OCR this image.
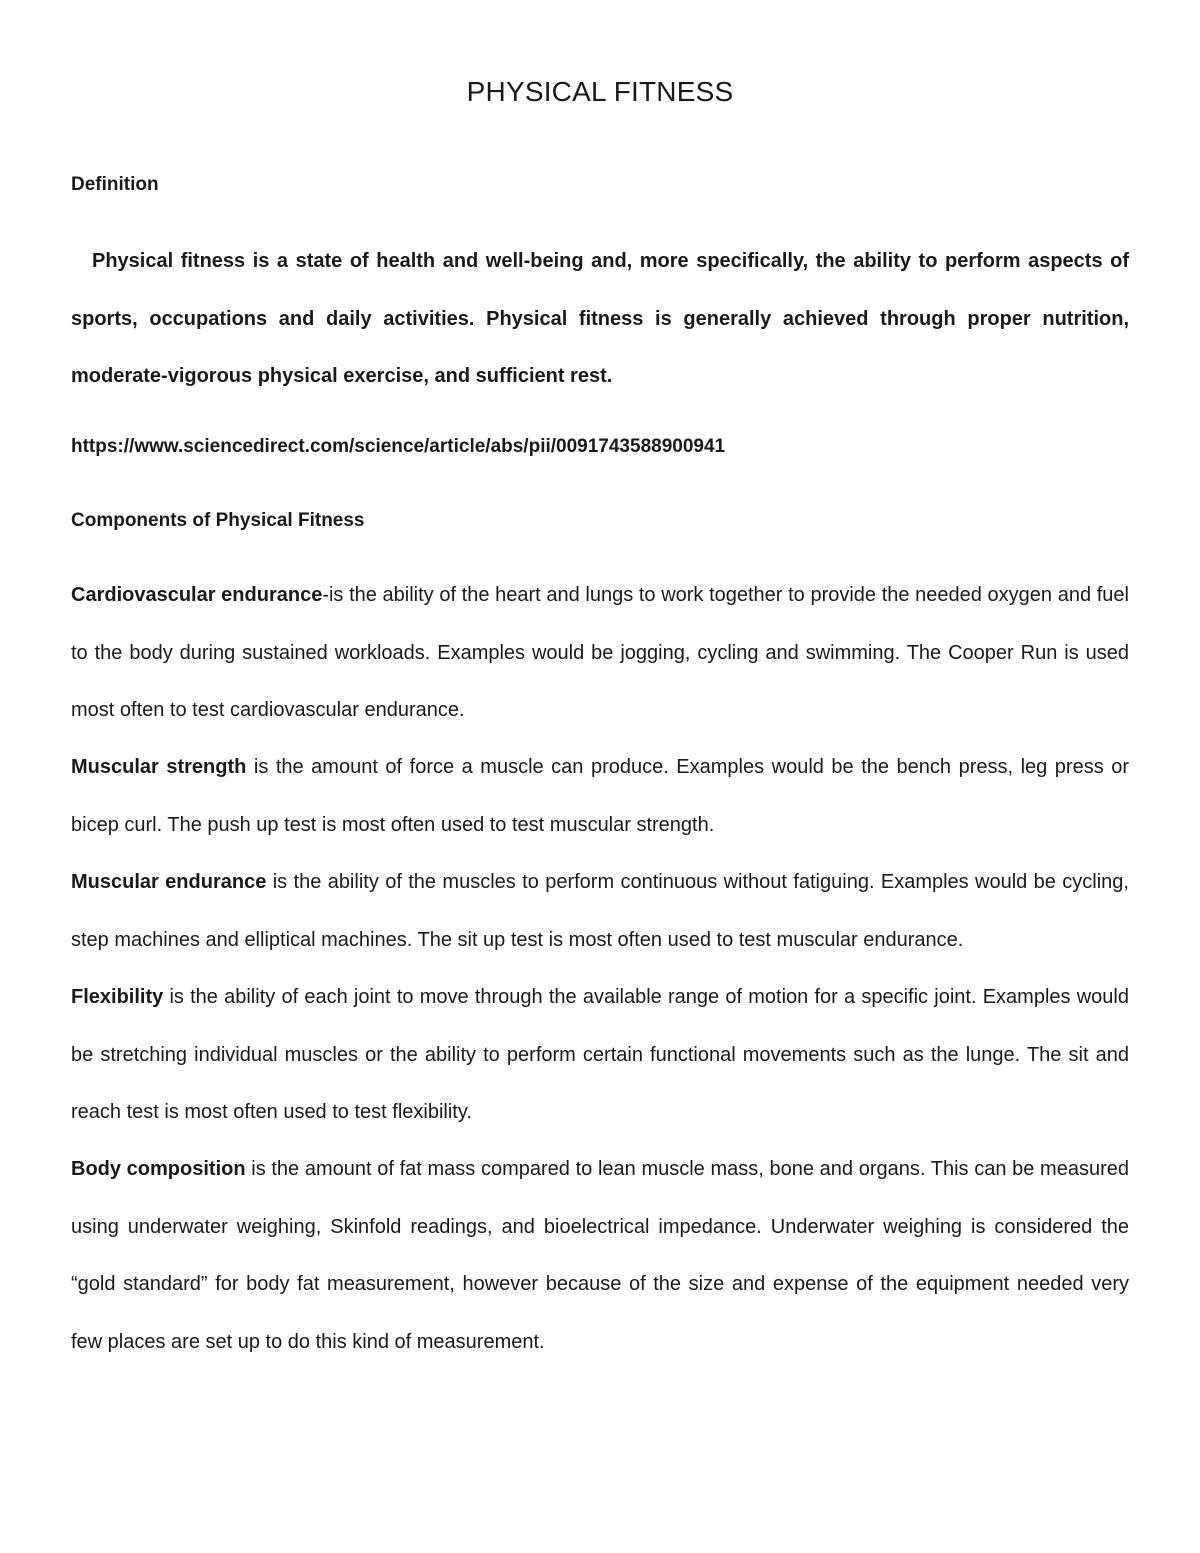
PHYSICAL FITNESS
Definition

Physical fitness is a state of health and well-being and, more specifically, the ability to perform aspects of sports, occupations and daily activities. Physical fitness is generally achieved through proper nutrition, moderate-vigorous physical exercise, and sufficient rest.

https://www.sciencedirect.com/science/article/abs/pii/0091743588900941
Components of Physical Fitness

Cardiovascular endurance-is the ability of the heart and lungs to work together to provide the needed oxygen and fuel to the body during sustained workloads. Examples would be jogging, cycling and swimming. The Cooper Run is used most often to test cardiovascular endurance.

Muscular strength is the amount of force a muscle can produce. Examples would be the bench press, leg press or bicep curl. The push up test is most often used to test muscular strength.

Muscular endurance is the ability of the muscles to perform continuous without fatiguing. Examples would be cycling, step machines and elliptical machines. The sit up test is most often used to test muscular endurance.

Flexibility is the ability of each joint to move through the available range of motion for a specific joint. Examples would be stretching individual muscles or the ability to perform certain functional movements such as the lunge. The sit and reach test is most often used to test flexibility.

Body composition is the amount of fat mass compared to lean muscle mass, bone and organs. This can be measured using underwater weighing, Skinfold readings, and bioelectrical impedance. Underwater weighing is considered the “gold standard” for body fat measurement, however because of the size and expense of the equipment needed very few places are set up to do this kind of measurement.
